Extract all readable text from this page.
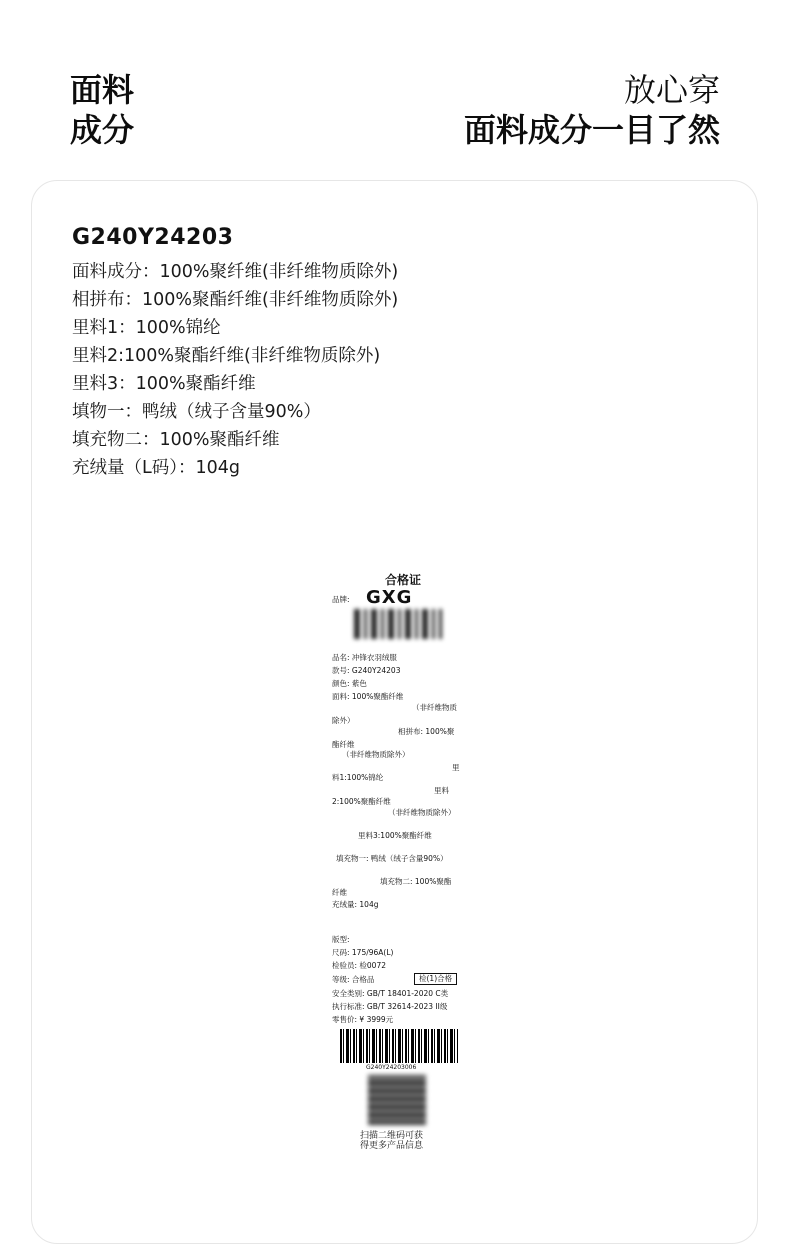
面料
成分
放心穿
面料成分一目了然
G240Y24203
面料成分：100%聚纤维(非纤维物质除外)
相拼布：100%聚酯纤维(非纤维物质除外)
里料1：100%锦纶
里料2:100%聚酯纤维(非纤维物质除外)
里料3：100%聚酯纤维
填物一：鸭绒（绒子含量90%）
填充物二：100%聚酯纤维
充绒量（L码）：104g
合格证
品牌: GXG
品名: 冲锋衣羽绒服
款号: G240Y24203
颜色: 紫色
面料: 100%聚酯纤维
（非纤维物质
除外）
相拼布: 100%聚
酯纤维
（非纤维物质除外）
里
料1:100%锦纶
里料
2:100%聚酯纤维
（非纤维物质除外）
里料3:100%聚酯纤维
填充物一: 鸭绒（绒子含量90%）
填充物二: 100%聚酯
纤维
充绒量: 104g
版型:
尺码: 175/96A(L)
检验员: 检0072
等级: 合格品	检(1)合格
安全类别: GB/T 18401-2020 C类
执行标准: GB/T 32614-2023 II级
零售价: ¥ 3999元
G240Y24203006
扫描二维码可获
得更多产品信息
